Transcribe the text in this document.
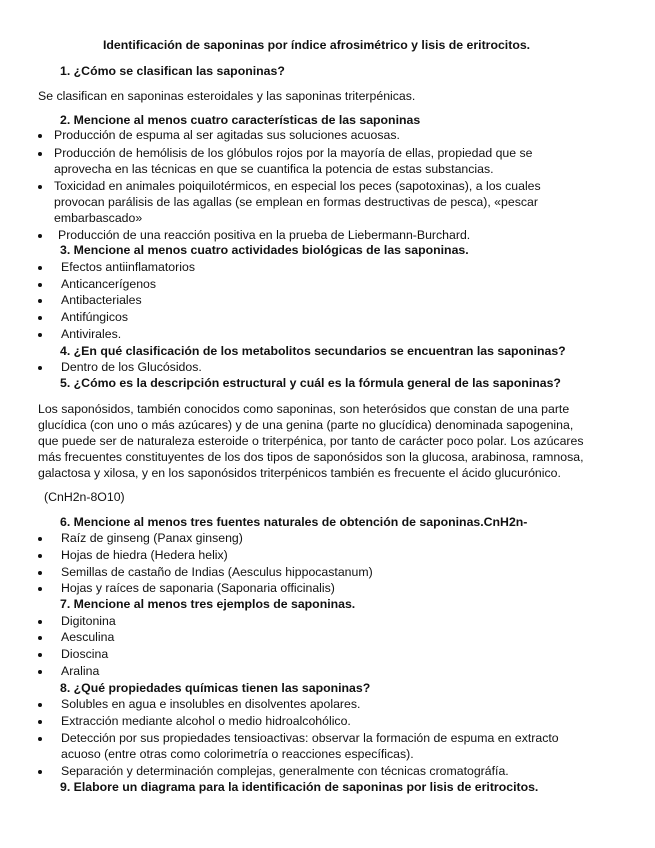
Identificación de saponinas por índice afrosimétrico y lisis de eritrocitos.
1. ¿Cómo se clasifican las saponinas?
Se clasifican en saponinas esteroidales y las saponinas triterpénicas.
2. Mencione al menos cuatro características de las saponinas
Producción de espuma al ser agitadas sus soluciones acuosas.
Producción de hemólisis de los glóbulos rojos por la mayoría de ellas, propiedad que se
aprovecha en las técnicas en que se cuantifica la potencia de estas substancias.
Toxicidad en animales poiquilotérmicos, en especial los peces (sapotoxinas), a los cuales
provocan parálisis de las agallas (se emplean en formas destructivas de pesca), «pescar
embarbascado»
Producción de una reacción positiva en la prueba de Liebermann-Burchard.
3. Mencione al menos cuatro actividades biológicas de las saponinas.
Efectos antiinflamatorios
Anticancerígenos
Antibacteriales
Antifúngicos
Antivirales.
4. ¿En qué clasificación de los metabolitos secundarios se encuentran las saponinas?
Dentro de los Glucósidos.
5. ¿Cómo es la descripción estructural y cuál es la fórmula general de las saponinas?
Los saponósidos, también conocidos como saponinas, son heterósidos que constan de una parte
glucídica (con uno o más azúcares) y de una genina (parte no glucídica) denominada sapogenina,
que puede ser de naturaleza esteroide o triterpénica, por tanto de carácter poco polar. Los azúcares
más frecuentes constituyentes de los dos tipos de saponósidos son la glucosa, arabinosa, ramnosa,
galactosa y xilosa, y en los saponósidos triterpénicos también es frecuente el ácido glucurónico.
(CnH2n-8O10)
6. Mencione al menos tres fuentes naturales de obtención de saponinas.CnH2n-
Raíz de ginseng (Panax ginseng)
Hojas de hiedra (Hedera helix)
Semillas de castaño de Indias (Aesculus hippocastanum)
Hojas y raíces de saponaria (Saponaria officinalis)
7. Mencione al menos tres ejemplos de saponinas.
Digitonina
Aesculina
Dioscina
Aralina
8. ¿Qué propiedades químicas tienen las saponinas?
Solubles en agua e insolubles en disolventes apolares.
Extracción mediante alcohol o medio hidroalcohólico.
Detección por sus propiedades tensioactivas: observar la formación de espuma en extracto
acuoso (entre otras como colorimetría o reacciones específicas).
Separación y determinación complejas, generalmente con técnicas cromatográfía.
9. Elabore un diagrama para la identificación de saponinas por lisis de eritrocitos.
